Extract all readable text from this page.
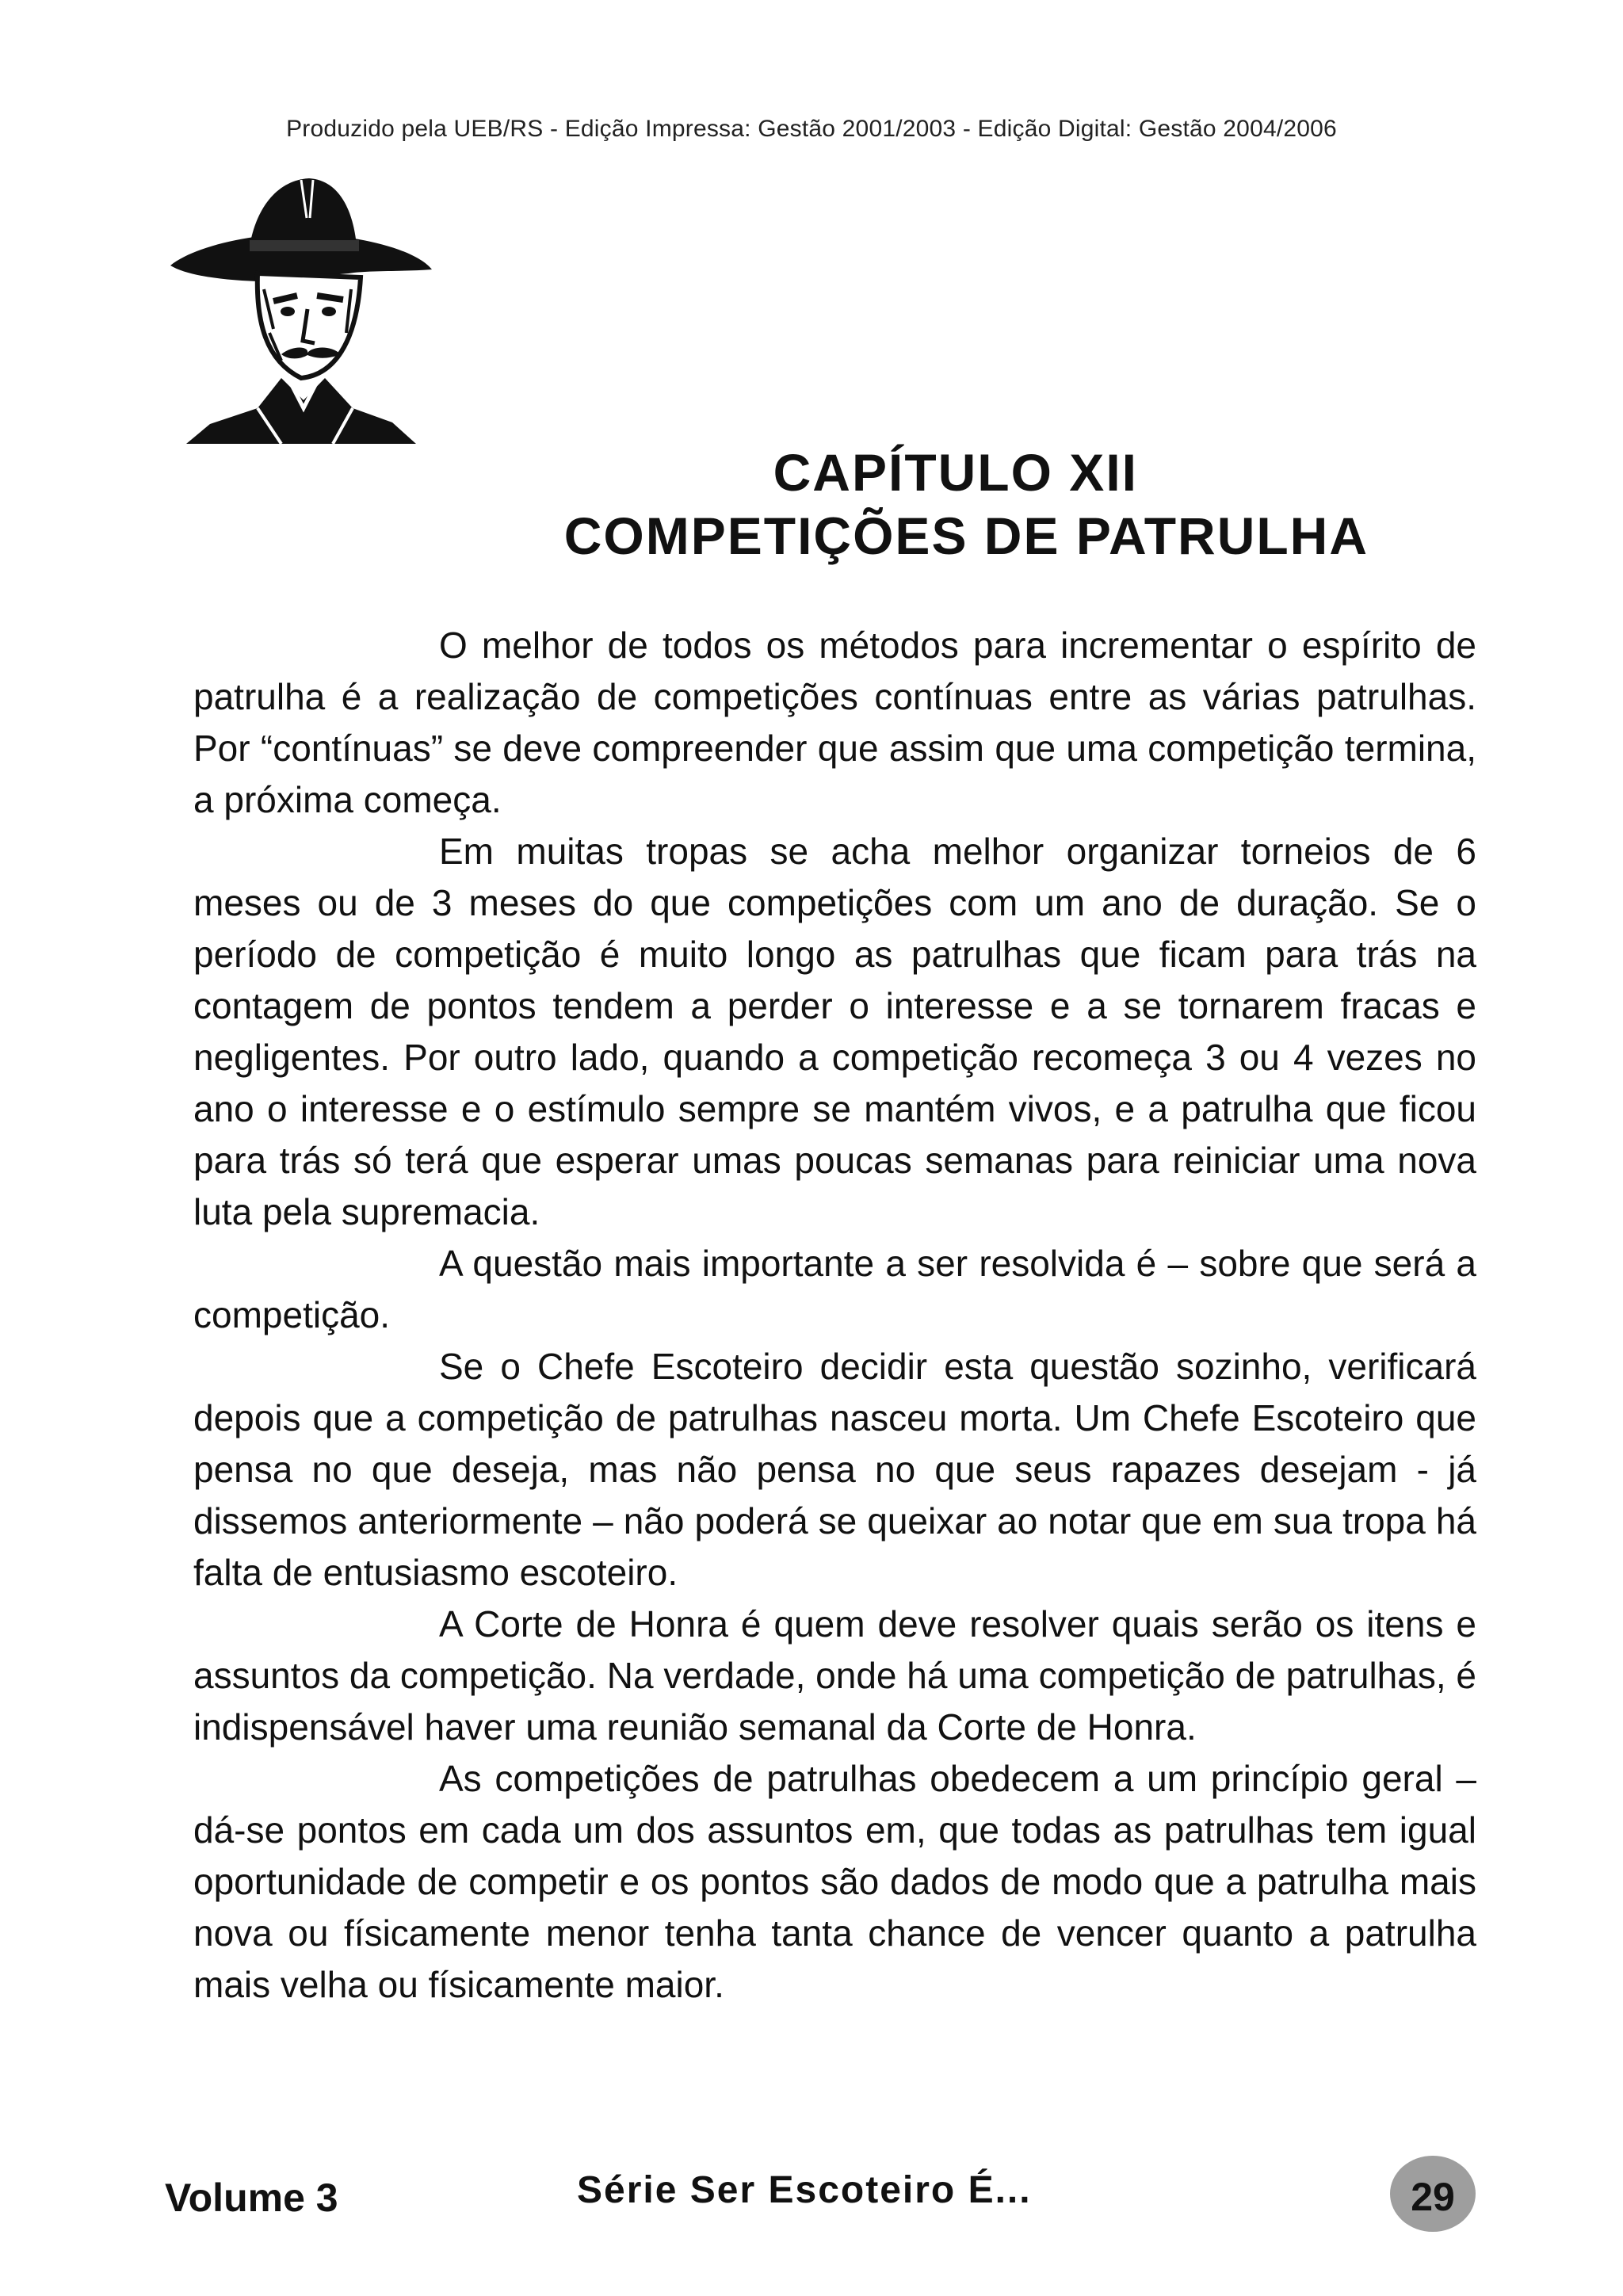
Produzido pela UEB/RS - Edição Impressa: Gestão 2001/2003 - Edição Digital: Gestão 2004/2006
CAPÍTULO XII
COMPETIÇÕES DE PATRULHA

O melhor de todos os métodos para incrementar o espírito de patrulha é a realização de competições contínuas entre as várias patrulhas. Por “contínuas” se deve compreender que assim que uma competição termina, a próxima começa.

Em muitas tropas se acha melhor organizar torneios de 6 meses ou de 3 meses do que competições com um ano de duração. Se o período de competição é muito longo as patrulhas que ficam para trás na contagem de pontos tendem a perder o interesse e a se tornarem fracas e negligentes. Por outro lado, quando a competição recomeça 3 ou 4 vezes no ano o interesse e o estímulo sempre se mantém vivos, e a patrulha que ficou para trás só terá que esperar umas poucas semanas para reiniciar uma nova luta pela supremacia.

A questão mais importante a ser resolvida é – sobre que será a competição.

Se o Chefe Escoteiro decidir esta questão sozinho, verificará depois que a competição de patrulhas nasceu morta. Um Chefe Escoteiro que pensa no que deseja, mas não pensa no que seus rapazes desejam - já dissemos anteriormente – não poderá se queixar ao notar que em sua tropa há falta de entusiasmo escoteiro.

A Corte de Honra é quem deve resolver quais serão os itens e assuntos da competição. Na verdade, onde há uma competição de patrulhas, é indispensável haver uma reunião semanal da Corte de Honra.

As competições de patrulhas obedecem a um princípio geral – dá-se pontos em cada um dos assuntos em, que todas as patrulhas tem igual oportunidade de competir e os pontos são dados de modo que a patrulha mais nova ou físicamente menor tenha tanta chance de vencer quanto a patrulha mais velha ou físicamente maior.

Volume 3	Série Ser Escoteiro É...	29
